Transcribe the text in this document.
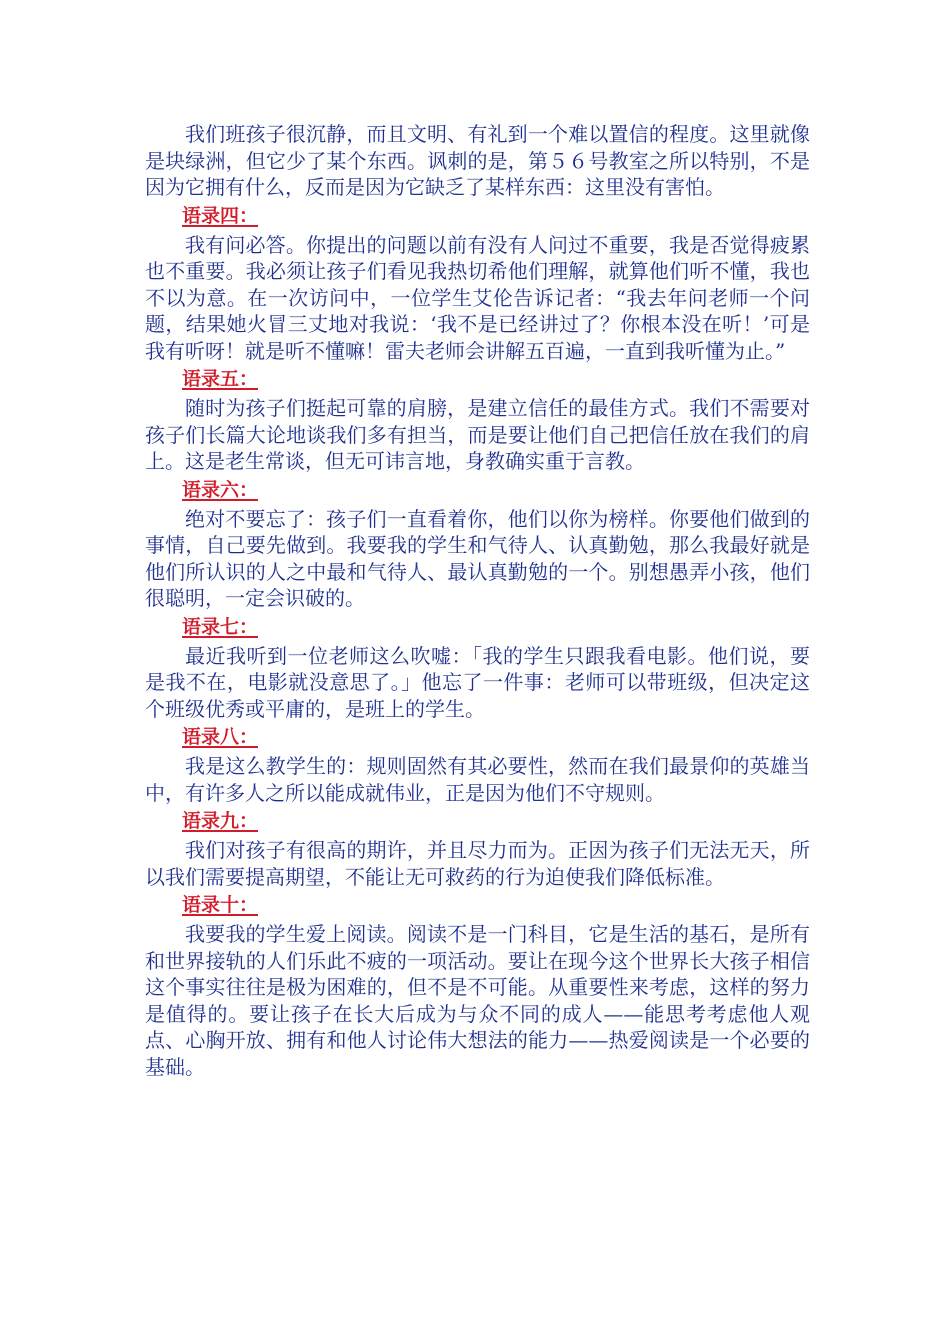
我们班孩子很沉静，而且文明、有礼到一个难以置信的程度。这里就像是块绿洲，但它少了某个东西。讽刺的是，第５６号教室之所以特别，不是因为它拥有什么，反而是因为它缺乏了某样东西：这里没有害怕。

语录四：

我有问必答。你提出的问题以前有没有人问过不重要，我是否觉得疲累也不重要。我必须让孩子们看见我热切希他们理解，就算他们听不懂，我也不以为意。在一次访问中，一位学生艾伦告诉记者：“我去年问老师一个问题，结果她火冒三丈地对我说：‘我不是已经讲过了？你根本没在听！’可是我有听呀！就是听不懂嘛！雷夫老师会讲解五百遍，一直到我听懂为止。”

语录五：

随时为孩子们挺起可靠的肩膀，是建立信任的最佳方式。我们不需要对孩子们长篇大论地谈我们多有担当，而是要让他们自己把信任放在我们的肩上。这是老生常谈，但无可讳言地，身教确实重于言教。

语录六：

绝对不要忘了：孩子们一直看着你，他们以你为榜样。你要他们做到的事情，自己要先做到。我要我的学生和气待人、认真勤勉，那么我最好就是他们所认识的人之中最和气待人、最认真勤勉的一个。别想愚弄小孩，他们很聪明，一定会识破的。

语录七：

最近我听到一位老师这么吹嘘：「我的学生只跟我看电影。他们说，要是我不在，电影就没意思了。」他忘了一件事：老师可以带班级，但决定这个班级优秀或平庸的，是班上的学生。

语录八：

我是这么教学生的：规则固然有其必要性，然而在我们最景仰的英雄当中，有许多人之所以能成就伟业，正是因为他们不守规则。

语录九：

我们对孩子有很高的期许，并且尽力而为。正因为孩子们无法无天，所以我们需要提高期望，不能让无可救药的行为迫使我们降低标准。

语录十：

我要我的学生爱上阅读。阅读不是一门科目，它是生活的基石，是所有和世界接轨的人们乐此不疲的一项活动。要让在现今这个世界长大孩子相信这个事实往往是极为困难的，但不是不可能。从重要性来考虑，这样的努力是值得的。要让孩子在长大后成为与众不同的成人——能思考考虑他人观点、心胸开放、拥有和他人讨论伟大想法的能力——热爱阅读是一个必要的基础。
